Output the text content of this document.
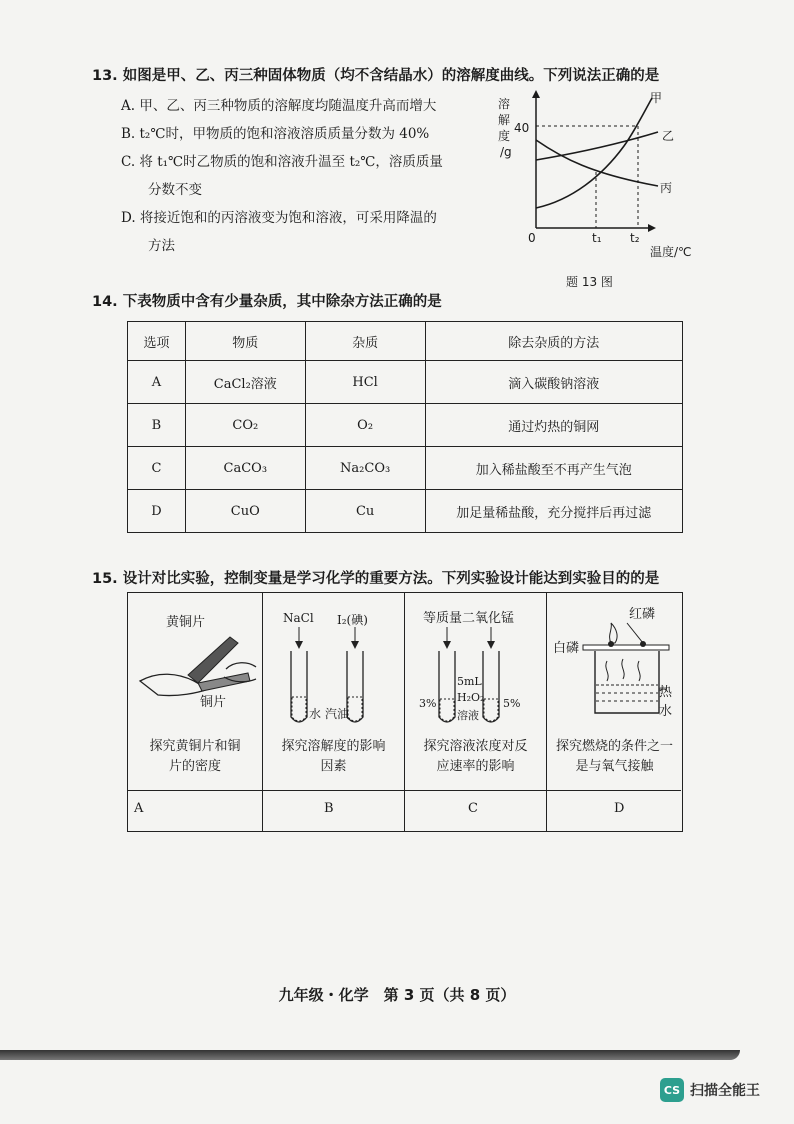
13. 如图是甲、乙、丙三种固体物质（均不含结晶水）的溶解度曲线。下列说法正确的是
A. 甲、乙、丙三种物质的溶解度均随温度升高而增大
B. t₂℃时，甲物质的饱和溶液溶质质量分数为 40%
C. 将 t₁℃时乙物质的饱和溶液升温至 t₂℃，溶质质量
分数不变
D. 将接近饱和的丙溶液变为饱和溶液，可采用降温的
方法
溶
解
度
/g
40
0	t₁ t₂
温度/℃
甲
乙
丙
题 13 图
14. 下表物质中含有少量杂质，其中除杂方法正确的是
选项	物质	杂质	除去杂质的方法
A	CaCl₂溶液	HCl	滴入碳酸钠溶液
B	CO₂	O₂	通过灼热的铜网
C	CaCO₃	Na₂CO₃	加入稀盐酸至不再产生气泡
D	CuO	Cu	加足量稀盐酸，充分搅拌后再过滤
15. 设计对比实验，控制变量是学习化学的重要方法。下列实验设计能达到实验目的的是
黄铜片
铜片
探究黄铜片和铜
片的密度
NaCl I₂(碘)
水 汽油
探究溶解度的影响
因素
等质量二氧化锰
5mL
H₂O₂
溶液
3%	5%
探究溶液浓度对反
应速率的影响
红磷
白磷
热水
探究燃烧的条件之一
是与氧气接触
A	B	C	D
九年级・化学　第 3 页（共 8 页）
CS 扫描全能王
